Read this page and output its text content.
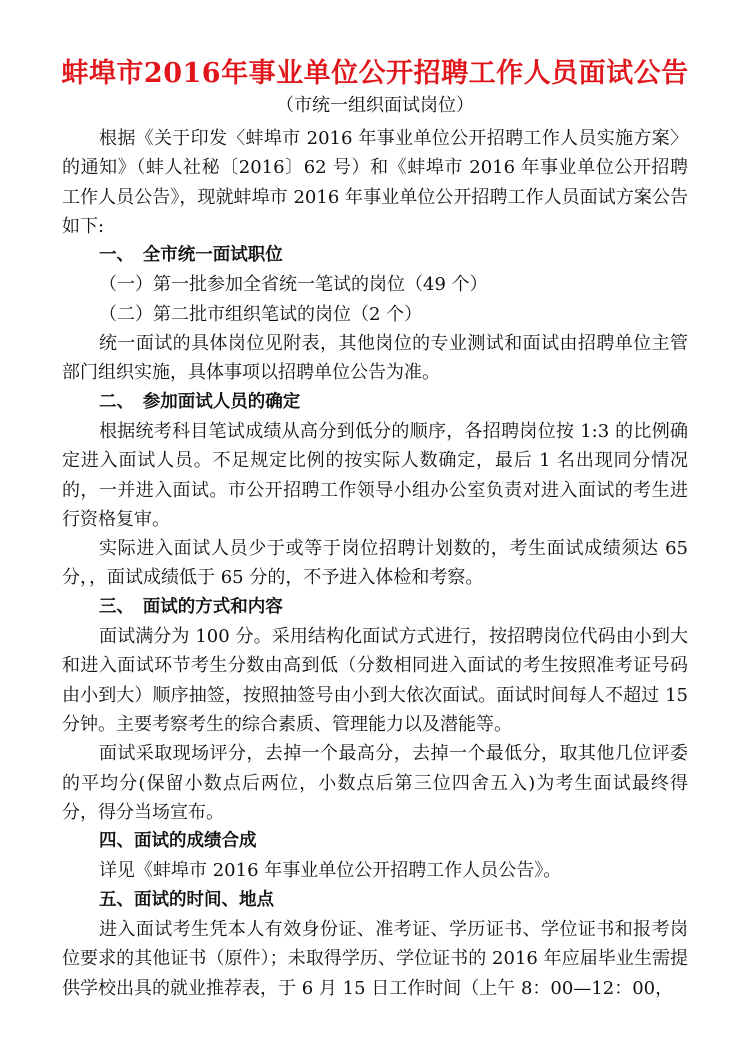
蚌埠市2016年事业单位公开招聘工作人员面试公告
（市统一组织面试岗位）

根据《关于印发〈蚌埠市 2016 年事业单位公开招聘工作人员实施方案〉的通知》（蚌人社秘〔2016〕62 号）和《蚌埠市 2016 年事业单位公开招聘工作人员公告》，现就蚌埠市 2016 年事业单位公开招聘工作人员面试方案公告如下:

一、　全市统一面试职位

（一）第一批参加全省统一笔试的岗位（49 个）

（二）第二批市组织笔试的岗位（2 个）

统一面试的具体岗位见附表，其他岗位的专业测试和面试由招聘单位主管部门组织实施，具体事项以招聘单位公告为准。

二、　参加面试人员的确定

根据统考科目笔试成绩从高分到低分的顺序，各招聘岗位按 1:3 的比例确定进入面试人员。不足规定比例的按实际人数确定，最后 1 名出现同分情况的，一并进入面试。市公开招聘工作领导小组办公室负责对进入面试的考生进行资格复审。

实际进入面试人员少于或等于岗位招聘计划数的，考生面试成绩须达 65 分，，面试成绩低于 65 分的，不予进入体检和考察。

三、　面试的方式和内容

面试满分为 100 分。采用结构化面试方式进行，按招聘岗位代码由小到大和进入面试环节考生分数由高到低（分数相同进入面试的考生按照准考证号码由小到大）顺序抽签，按照抽签号由小到大依次面试。面试时间每人不超过 15 分钟。主要考察考生的综合素质、管理能力以及潜能等。

面试采取现场评分，去掉一个最高分，去掉一个最低分，取其他几位评委的平均分(保留小数点后两位，小数点后第三位四舍五入)为考生面试最终得分，得分当场宣布。

四、面试的成绩合成

详见《蚌埠市 2016 年事业单位公开招聘工作人员公告》。

五、面试的时间、地点

进入面试考生凭本人有效身份证、准考证、学历证书、学位证书和报考岗位要求的其他证书（原件）；未取得学历、学位证书的 2016 年应届毕业生需提供学校出具的就业推荐表，于 6 月 15 日工作时间（上午 8：00—12：00，
